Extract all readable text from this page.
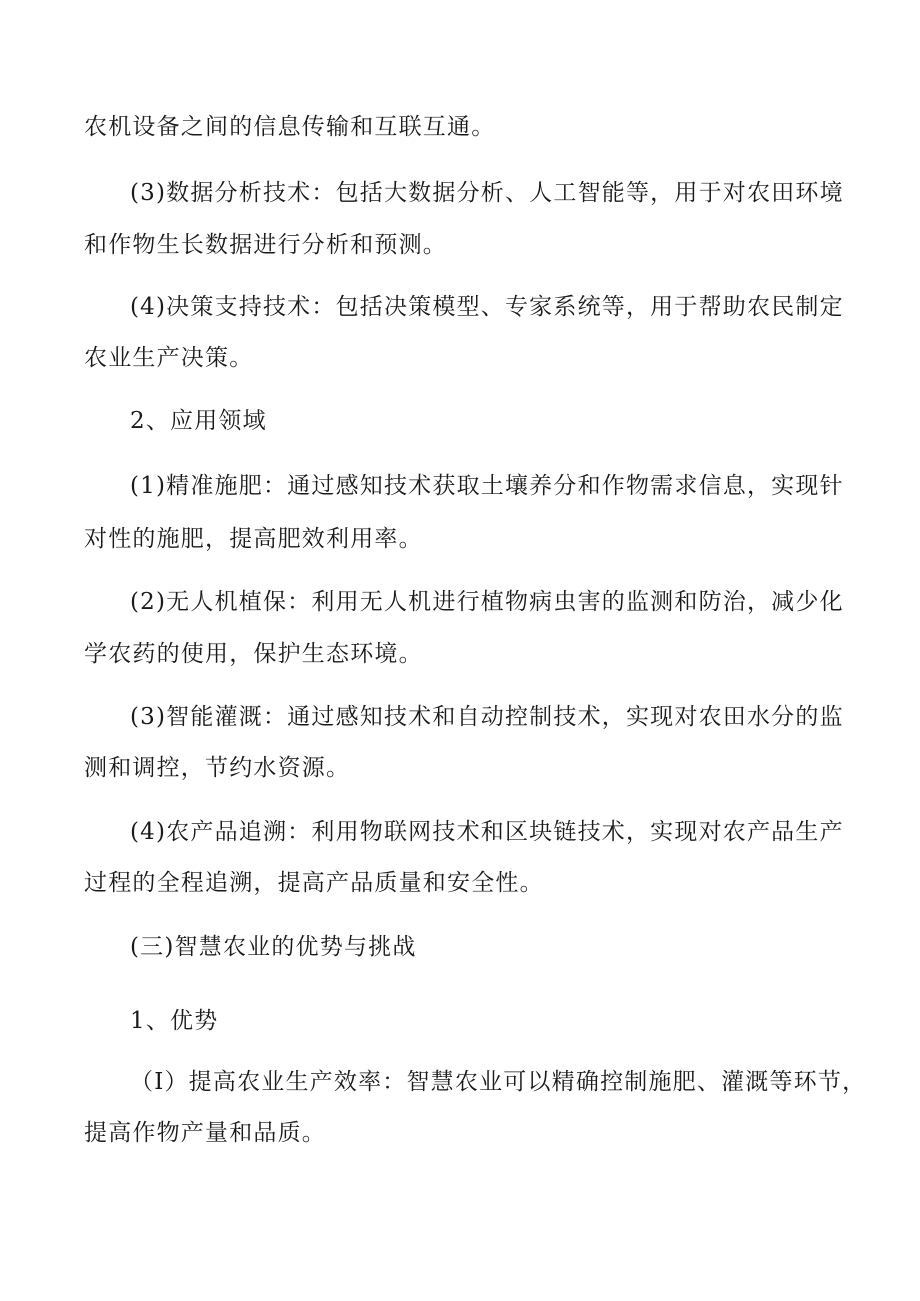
农机设备之间的信息传输和互联互通。
(3)数据分析技术：包括大数据分析、人工智能等，用于对农田环境
和作物生长数据进行分析和预测。
(4)决策支持技术：包括决策模型、专家系统等，用于帮助农民制定
农业生产决策。
2、应用领域
(1)精准施肥：通过感知技术获取土壤养分和作物需求信息，实现针
对性的施肥，提高肥效利用率。
(2)无人机植保：利用无人机进行植物病虫害的监测和防治，减少化
学农药的使用，保护生态环境。
(3)智能灌溉：通过感知技术和自动控制技术，实现对农田水分的监
测和调控，节约水资源。
(4)农产品追溯：利用物联网技术和区块链技术，实现对农产品生产
过程的全程追溯，提高产品质量和安全性。
(三)智慧农业的优势与挑战
1、优势
（I）提高农业生产效率：智慧农业可以精确控制施肥、灌溉等环节，
提高作物产量和品质。
